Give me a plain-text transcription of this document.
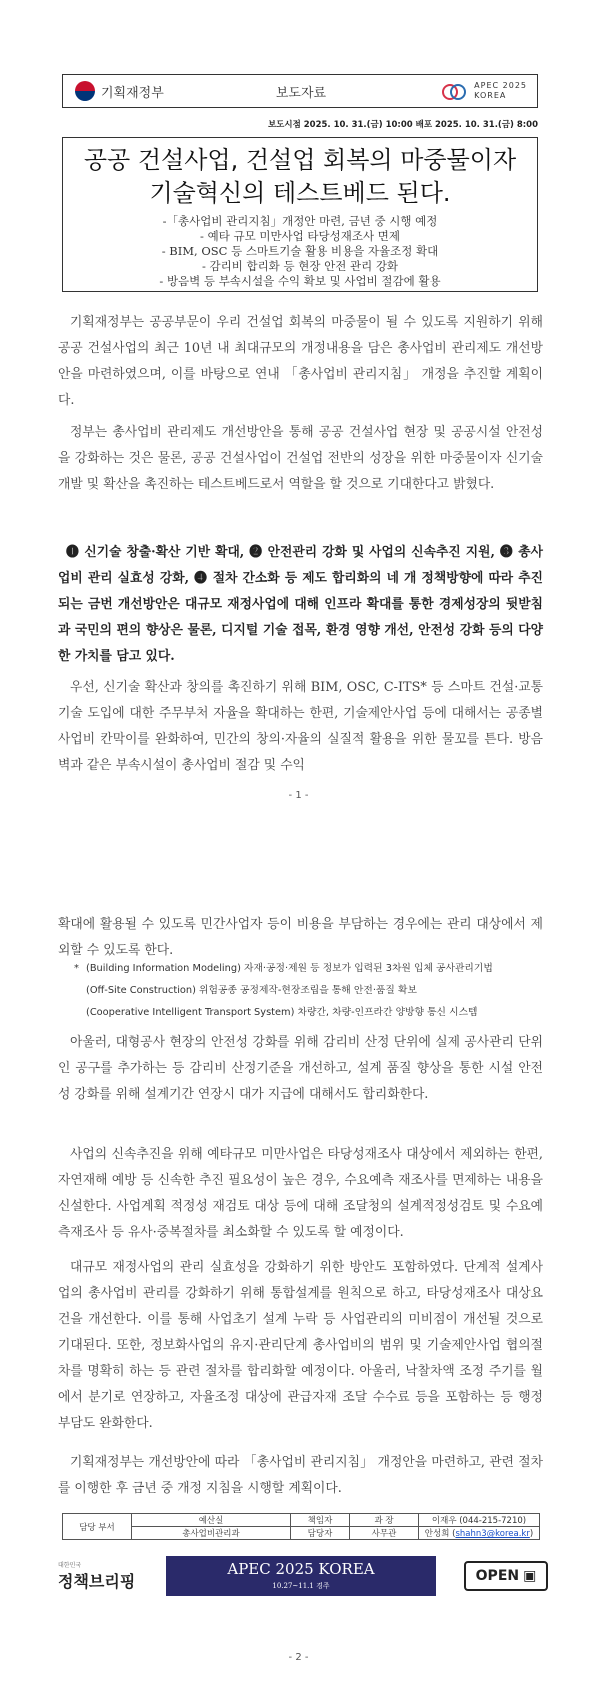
기획재정부	보도자료	APEC 2025
KOREA
보도시점 2025. 10. 31.(금) 10:00 배포 2025. 10. 31.(금) 8:00
공공 건설사업, 건설업 회복의 마중물이자
기술혁신의 테스트베드 된다.
-「총사업비 관리지침」개정안 마련, 금년 중 시행 예정
- 예타 규모 미만사업 타당성재조사 면제
- BIM, OSC 등 스마트기술 활용 비용을 자율조정 확대
- 감리비 합리화 등 현장 안전 관리 강화
- 방음벽 등 부속시설을 수익 확보 및 사업비 절감에 활용
기획재정부는 공공부문이 우리 건설업 회복의 마중물이 될 수 있도록 지원하기 위해 공공 건설사업의 최근 10년 내 최대규모의 개정내용을 담은 총사업비 관리제도 개선방안을 마련하였으며, 이를 바탕으로 연내 「총사업비 관리지침」 개정을 추진할 계획이다.
정부는 총사업비 관리제도 개선방안을 통해 공공 건설사업 현장 및 공공시설 안전성을 강화하는 것은 물론, 공공 건설사업이 건설업 전반의 성장을 위한 마중물이자 신기술 개발 및 확산을 촉진하는 테스트베드로서 역할을 할 것으로 기대한다고 밝혔다.
❶ 신기술 창출·확산 기반 확대, ❷ 안전관리 강화 및 사업의 신속추진 지원, ❸ 총사업비 관리 실효성 강화, ❹ 절차 간소화 등 제도 합리화의 네 개 정책방향에 따라 추진되는 금번 개선방안은 대규모 재정사업에 대해 인프라 확대를 통한 경제성장의 뒷받침과 국민의 편의 향상은 물론, 디지털 기술 접목, 환경 영향 개선, 안전성 강화 등의 다양한 가치를 담고 있다.
우선, 신기술 확산과 창의를 촉진하기 위해 BIM, OSC, C-ITS* 등 스마트 건설·교통기술 도입에 대한 주무부처 자율을 확대하는 한편, 기술제안사업 등에 대해서는 공종별 사업비 칸막이를 완화하여, 민간의 창의·자율의 실질적 활용을 위한 물꼬를 튼다. 방음벽과 같은 부속시설이 총사업비 절감 및 수익
- 1 -
확대에 활용될 수 있도록 민간사업자 등이 비용을 부담하는 경우에는 관리 대상에서 제외할 수 있도록 한다.
* (Building Information Modeling) 자재·공정·제원 등 정보가 입력된 3차원 입체 공사관리기법
(Off-Site Construction) 위험공종 공정제작-현장조립을 통해 안전·품질 확보
(Cooperative Intelligent Transport System) 차량간, 차량-인프라간 양방향 통신 시스템
아울러, 대형공사 현장의 안전성 강화를 위해 감리비 산정 단위에 실제 공사관리 단위인 공구를 추가하는 등 감리비 산정기준을 개선하고, 설계 품질 향상을 통한 시설 안전성 강화를 위해 설계기간 연장시 대가 지급에 대해서도 합리화한다.
사업의 신속추진을 위해 예타규모 미만사업은 타당성재조사 대상에서 제외하는 한편, 자연재해 예방 등 신속한 추진 필요성이 높은 경우, 수요예측 재조사를 면제하는 내용을 신설한다. 사업계획 적정성 재검토 대상 등에 대해 조달청의 설계적정성검토 및 수요예측재조사 등 유사·중복절차를 최소화할 수 있도록 할 예정이다.
대규모 재정사업의 관리 실효성을 강화하기 위한 방안도 포함하였다. 단계적 설계사업의 총사업비 관리를 강화하기 위해 통합설계를 원칙으로 하고, 타당성재조사 대상요건을 개선한다. 이를 통해 사업초기 설계 누락 등 사업관리의 미비점이 개선될 것으로 기대된다. 또한, 정보화사업의 유지·관리단계 총사업비의 범위 및 기술제안사업 협의절차를 명확히 하는 등 관련 절차를 합리화할 예정이다. 아울러, 낙찰차액 조정 주기를 월에서 분기로 연장하고, 자율조정 대상에 관급자재 조달 수수료 등을 포함하는 등 행정 부담도 완화한다.
기획재정부는 개선방안에 따라 「총사업비 관리지침」 개정안을 마련하고, 관련 절차를 이행한 후 금년 중 개정 지침을 시행할 계획이다.
담당 부서	예산실	책임자	과 장	이재우 (044-215-7210)
	총사업비관리과	담당자	사무관	안성희 (shahn3@korea.kr)
대한민국
정책브리핑
APEC 2025 KOREA
10.27~11.1 경주
OPEN ▣
- 2 -
